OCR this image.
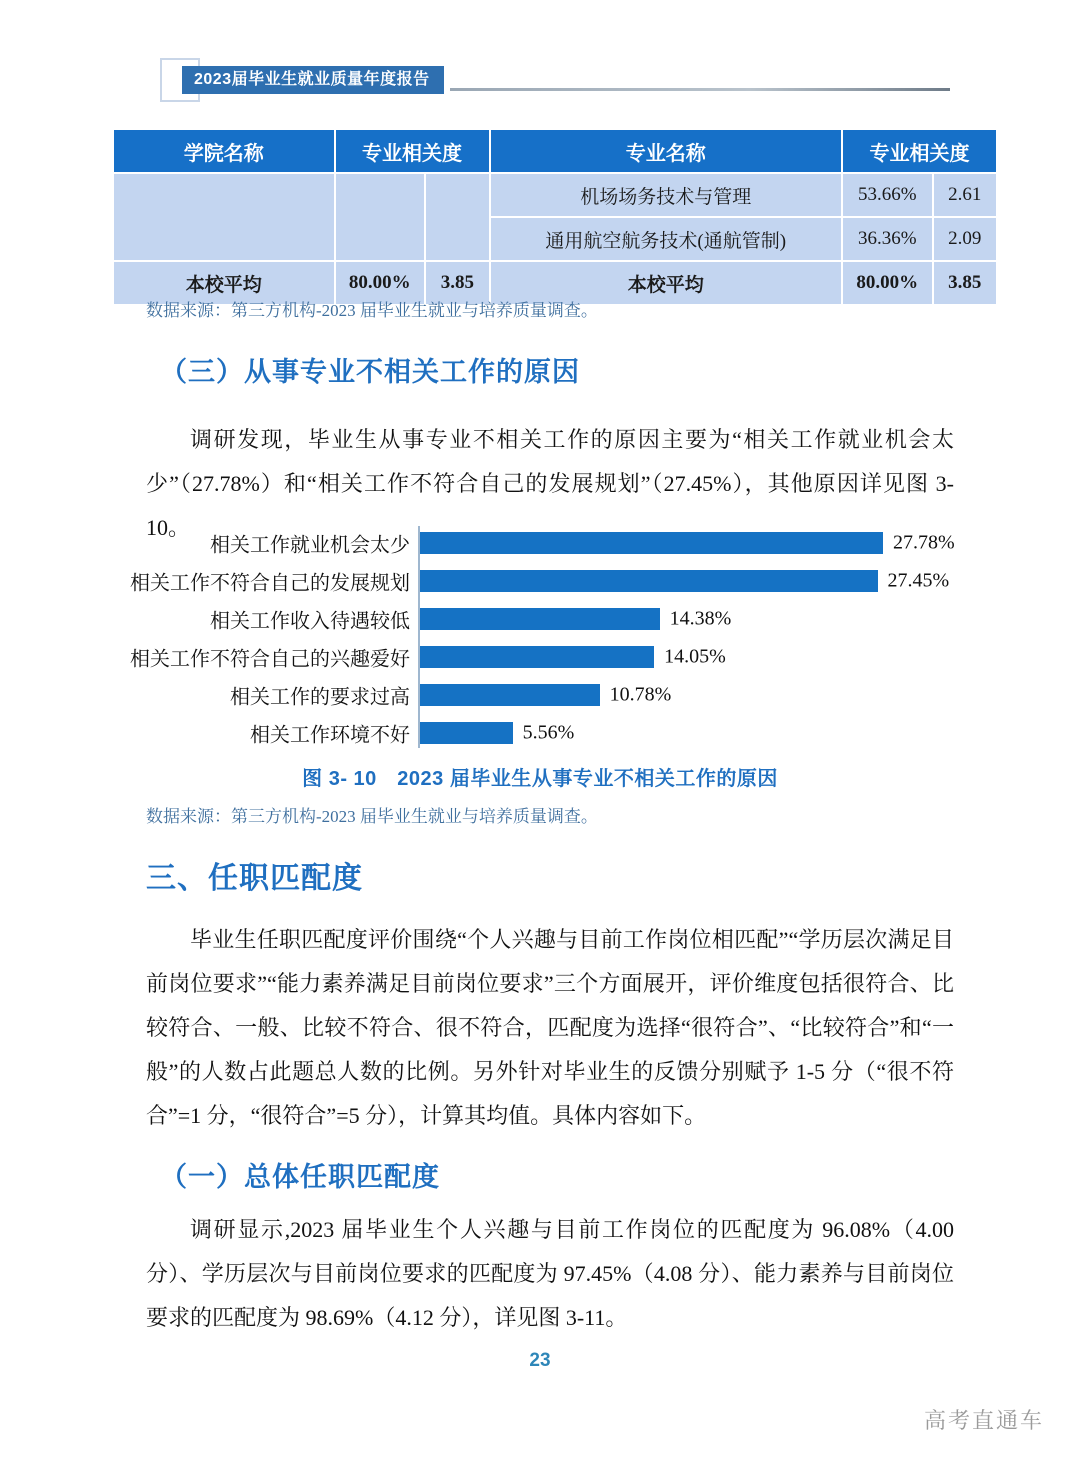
2023届毕业生就业质量年度报告
学院名称	专业相关度		专业名称	专业相关度	
			机场场务技术与管理	53.66%	2.61
			通用航空航务技术(通航管制)	36.36%	2.09
本校平均	80.00%	3.85	本校平均	80.00%	3.85
数据来源：第三方机构-2023 届毕业生就业与培养质量调查。
（三）从事专业不相关工作的原因
调研发现，毕业生从事专业不相关工作的原因主要为“相关工作就业机会太少”（27.78%）和“相关工作不符合自己的发展规划”（27.45%），其他原因详见图 3-10。
相关工作就业机会太少	27.78%
相关工作不符合自己的发展规划	27.45%
相关工作收入待遇较低	14.38%
相关工作不符合自己的兴趣爱好	14.05%
相关工作的要求过高	10.78%
相关工作环境不好	5.56%
图 3- 10　2023 届毕业生从事专业不相关工作的原因
数据来源：第三方机构-2023 届毕业生就业与培养质量调查。
三、任职匹配度
毕业生任职匹配度评价围绕“个人兴趣与目前工作岗位相匹配”“学历层次满足目前岗位要求”“能力素养满足目前岗位要求”三个方面展开，评价维度包括很符合、比较符合、一般、比较不符合、很不符合，匹配度为选择“很符合”、“比较符合”和“一般”的人数占此题总人数的比例。另外针对毕业生的反馈分别赋予 1-5 分（“很不符合”=1 分，“很符合”=5 分），计算其均值。具体内容如下。
（一）总体任职匹配度
调研显示,2023 届毕业生个人兴趣与目前工作岗位的匹配度为 96.08%（4.00 分）、学历层次与目前岗位要求的匹配度为 97.45%（4.08 分）、能力素养与目前岗位要求的匹配度为 98.69%（4.12 分），详见图 3-11。
23
高考直通车
